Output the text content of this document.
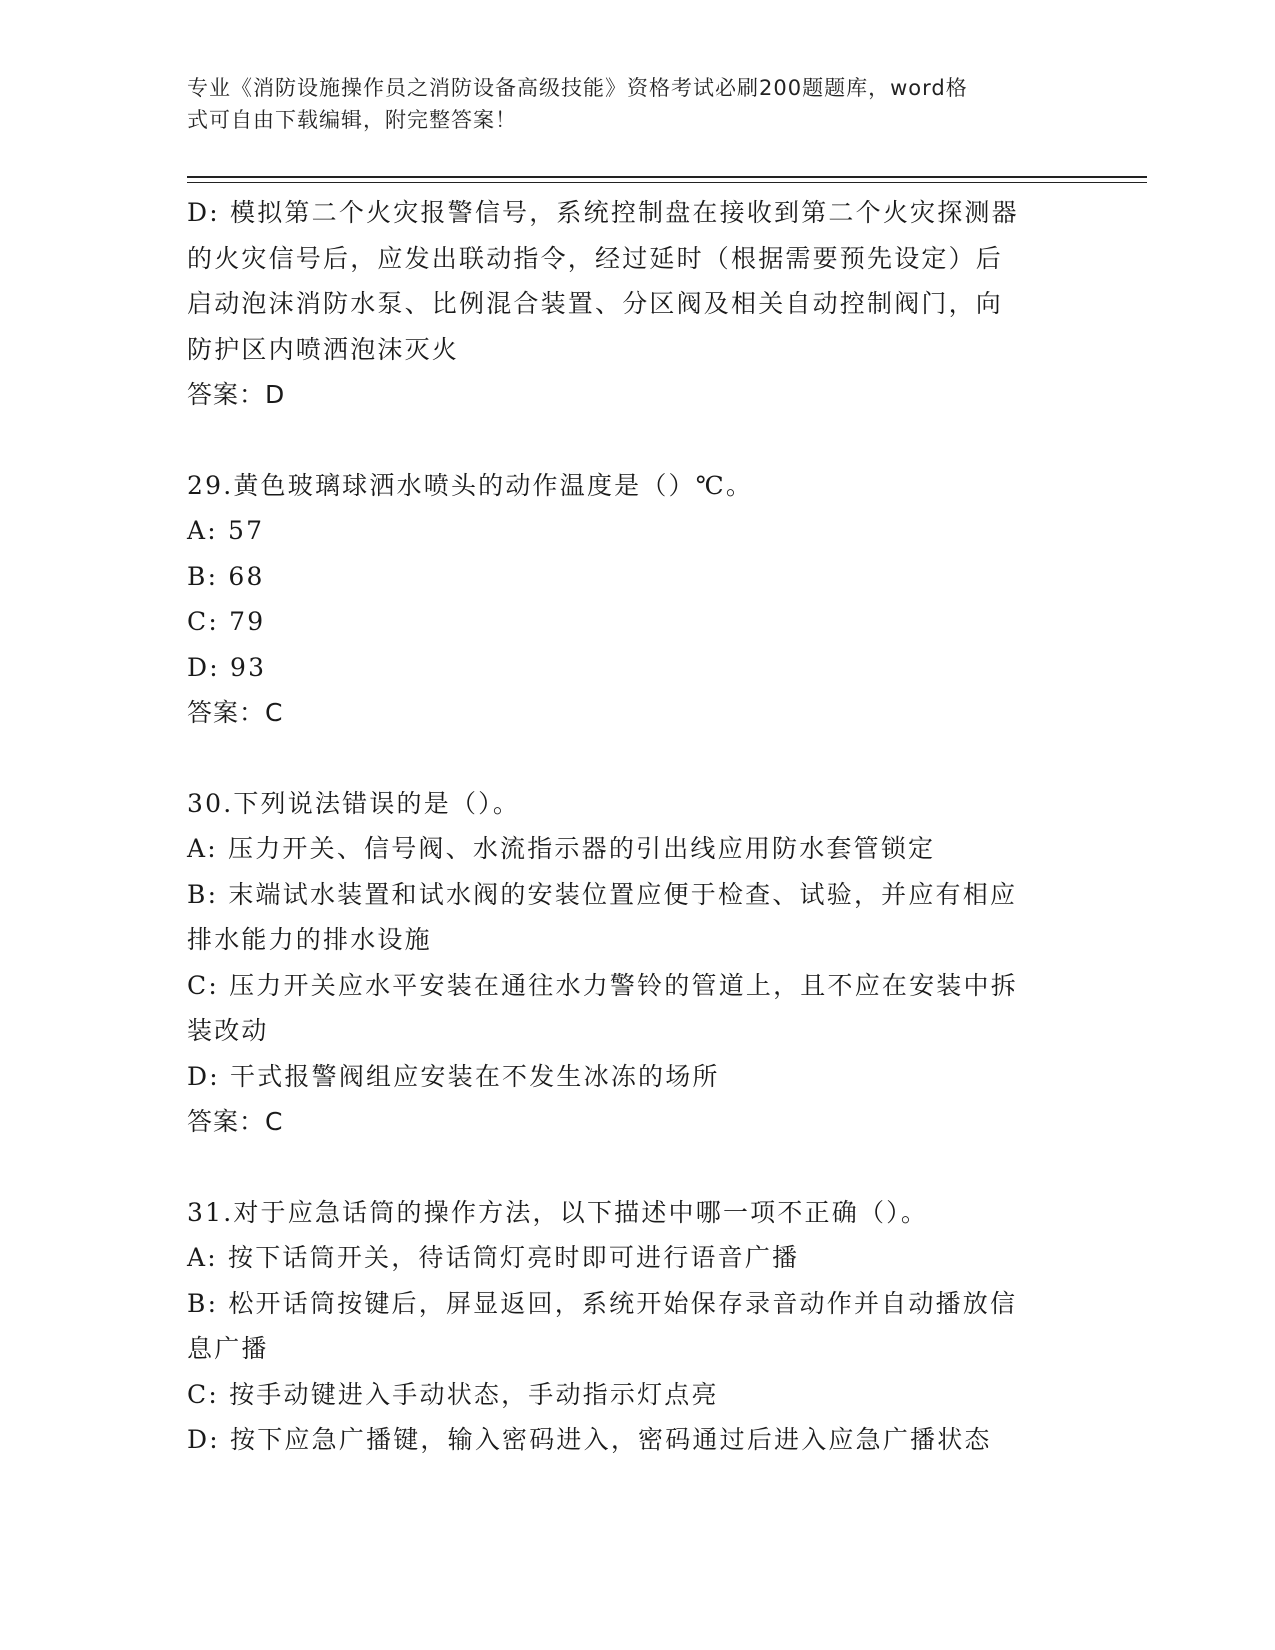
专业《消防设施操作员之消防设备高级技能》资格考试必刷200题题库，word格
式可自由下载编辑，附完整答案！
D: 模拟第二个火灾报警信号，系统控制盘在接收到第二个火灾探测器
的火灾信号后，应发出联动指令，经过延时（根据需要预先设定）后
启动泡沫消防水泵、比例混合装置、分区阀及相关自动控制阀门，向
防护区内喷洒泡沫灭火
答案：D
29.黄色玻璃球洒水喷头的动作温度是（）℃。
A: 57
B: 68
C: 79
D: 93
答案：C
30.下列说法错误的是（）。
A: 压力开关、信号阀、水流指示器的引出线应用防水套管锁定
B: 末端试水装置和试水阀的安装位置应便于检查、试验，并应有相应
排水能力的排水设施
C: 压力开关应水平安装在通往水力警铃的管道上，且不应在安装中拆
装改动
D: 干式报警阀组应安装在不发生冰冻的场所
答案：C
31.对于应急话筒的操作方法，以下描述中哪一项不正确（）。
A: 按下话筒开关，待话筒灯亮时即可进行语音广播
B: 松开话筒按键后，屏显返回，系统开始保存录音动作并自动播放信
息广播
C: 按手动键进入手动状态，手动指示灯点亮
D: 按下应急广播键，输入密码进入，密码通过后进入应急广播状态
